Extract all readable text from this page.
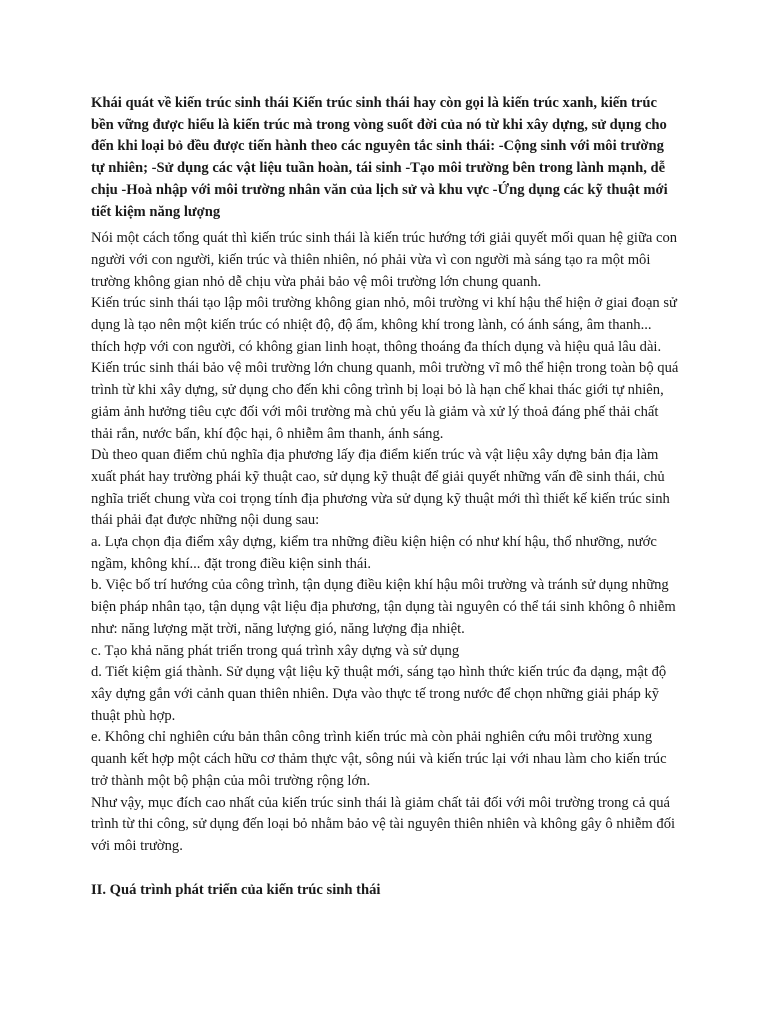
Khái quát về kiến trúc sinh thái Kiến trúc sinh thái hay còn gọi là kiến trúc xanh, kiến trúc bền vững được hiểu là kiến trúc mà trong vòng suốt đời của nó từ khi xây dựng, sử dụng cho đến khi loại bỏ đều được tiến hành theo các nguyên tắc sinh thái: -Cộng sinh với môi trường tự nhiên; -Sử dụng các vật liệu tuần hoàn, tái sinh -Tạo môi trường bên trong lành mạnh, dễ chịu -Hoà nhập với môi trường nhân văn của lịch sử và khu vực -Ứng dụng các kỹ thuật mới tiết kiệm năng lượng

Nói một cách tổng quát thì kiến trúc sinh thái là kiến trúc hướng tới giải quyết mối quan hệ giữa con người với con người, kiến trúc và thiên nhiên, nó phải vừa vì con người mà sáng tạo ra một môi trường không gian nhỏ dễ chịu vừa phải bảo vệ môi trường lớn chung quanh.

Kiến trúc sinh thái tạo lập môi trường không gian nhỏ, môi trường vi khí hậu thể hiện ở giai đoạn sử dụng là tạo nên một kiến trúc có nhiệt độ, độ ẩm, không khí trong lành, có ánh sáng, âm thanh... thích hợp với con người, có không gian linh hoạt, thông thoáng đa thích dụng và hiệu quả lâu dài.

Kiến trúc sinh thái bảo vệ môi trường lớn chung quanh, môi trường vĩ mô thể hiện trong toàn bộ quá trình từ khi xây dựng, sử dụng cho đến khi công trình bị loại bỏ là hạn chế khai thác giới tự nhiên, giảm ảnh hưởng tiêu cực đối với môi trường mà chủ yếu là giảm và xử lý thoả đáng phế thải chất thải rắn, nước bẩn, khí độc hại, ô nhiễm âm thanh, ánh sáng.

Dù theo quan điểm chủ nghĩa địa phương lấy địa điểm kiến trúc và vật liệu xây dựng bản địa làm xuất phát hay trường phái kỹ thuật cao, sử dụng kỹ thuật để giải quyết những vấn đề sinh thái, chủ nghĩa triết chung vừa coi trọng tính địa phương vừa sử dụng kỹ thuật mới thì thiết kế kiến trúc sinh thái phải đạt được những nội dung sau:

a. Lựa chọn địa điểm xây dựng, kiểm tra những điều kiện hiện có như khí hậu, thổ nhưỡng, nước ngầm, không khí... đặt trong điều kiện sinh thái.

b. Việc bố trí hướng của công trình, tận dụng điều kiện khí hậu môi trường và tránh sử dụng những biện pháp nhân tạo, tận dụng vật liệu địa phương, tận dụng tài nguyên có thể tái sinh không ô nhiễm như: năng lượng mặt trời, năng lượng gió, năng lượng địa nhiệt.

c. Tạo khả năng phát triển trong quá trình xây dựng và sử dụng

d. Tiết kiệm giá thành. Sử dụng vật liệu kỹ thuật mới, sáng tạo hình thức kiến trúc đa dạng, mật độ xây dựng gắn với cảnh quan thiên nhiên. Dựa vào thực tế trong nước để chọn những giải pháp kỹ thuật phù hợp.

e. Không chỉ nghiên cứu bản thân công trình kiến trúc mà còn phải nghiên cứu môi trường xung quanh kết hợp một cách hữu cơ thảm thực vật, sông núi và kiến trúc lại với nhau làm cho kiến trúc trở thành một bộ phận của môi trường rộng lớn.

Như vậy, mục đích cao nhất của kiến trúc sinh thái là giảm chất tải đối với môi trường trong cả quá trình từ thi công, sử dụng đến loại bỏ nhằm bảo vệ tài nguyên thiên nhiên và không gây ô nhiễm đối với môi trường.

II. Quá trình phát triển của kiến trúc sinh thái
